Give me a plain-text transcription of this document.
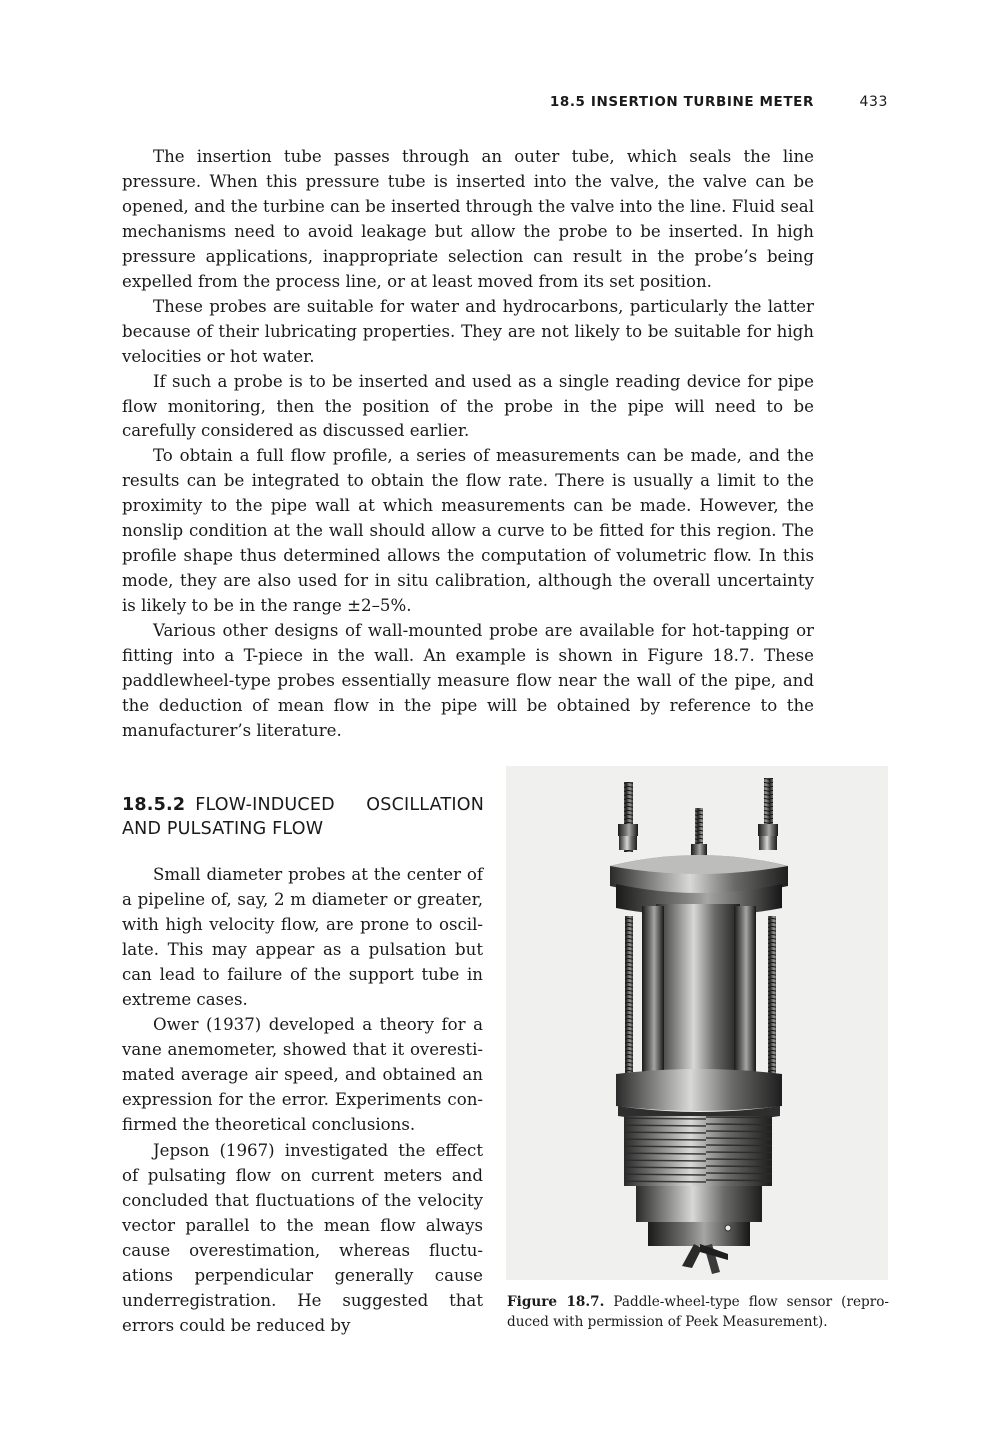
18.5 INSERTION TURBINE METER	433

The insertion tube passes through an outer tube, which seals the line pressure. When this pressure tube is inserted into the valve, the valve can be opened, and the turbine can be inserted through the valve into the line. Fluid seal mechanisms need to avoid leakage but allow the probe to be inserted. In high pressure applications, inappropriate selection can result in the probe’s being expelled from the process line, or at least moved from its set position.

These probes are suitable for water and hydrocarbons, particularly the latter because of their lubricating properties. They are not likely to be suitable for high velocities or hot water.

If such a probe is to be inserted and used as a single reading device for pipe flow monitoring, then the position of the probe in the pipe will need to be carefully considered as discussed earlier.

To obtain a full flow profile, a series of measurements can be made, and the results can be integrated to obtain the flow rate. There is usually a limit to the proximity to the pipe wall at which measurements can be made. However, the nonslip condition at the wall should allow a curve to be fitted for this region. The profile shape thus determined allows the computation of volumetric flow. In this mode, they are also used for in situ calibration, although the overall uncertainty is likely to be in the range ±2–5%.

Various other designs of wall-mounted probe are available for hot-tapping or fitting into a T-piece in the wall. An example is shown in Figure 18.7. These paddlewheel-type probes essentially measure flow near the wall of the pipe, and the deduction of mean flow in the pipe will be obtained by reference to the manufacturer’s literature.

18.5.2 FLOW-INDUCED OSCILLATION AND PULSATING FLOW

Small diameter probes at the center of a pipeline of, say, 2 m diameter or greater, with high velocity flow, are prone to oscillate. This may appear as a pulsation but can lead to failure of the support tube in extreme cases.

Ower (1937) developed a theory for a vane anemometer, showed that it overestimated average air speed, and obtained an expression for the error. Experiments confirmed the theoretical conclusions.

Jepson (1967) investigated the effect of pulsating flow on current meters and concluded that fluctuations of the velocity vector parallel to the mean flow always cause overestimation, whereas fluctuations perpendicular generally cause underregistration. He suggested that errors could be reduced by

Figure 18.7. Paddle-wheel-type flow sensor (reproduced with permission of Peek Measurement).
